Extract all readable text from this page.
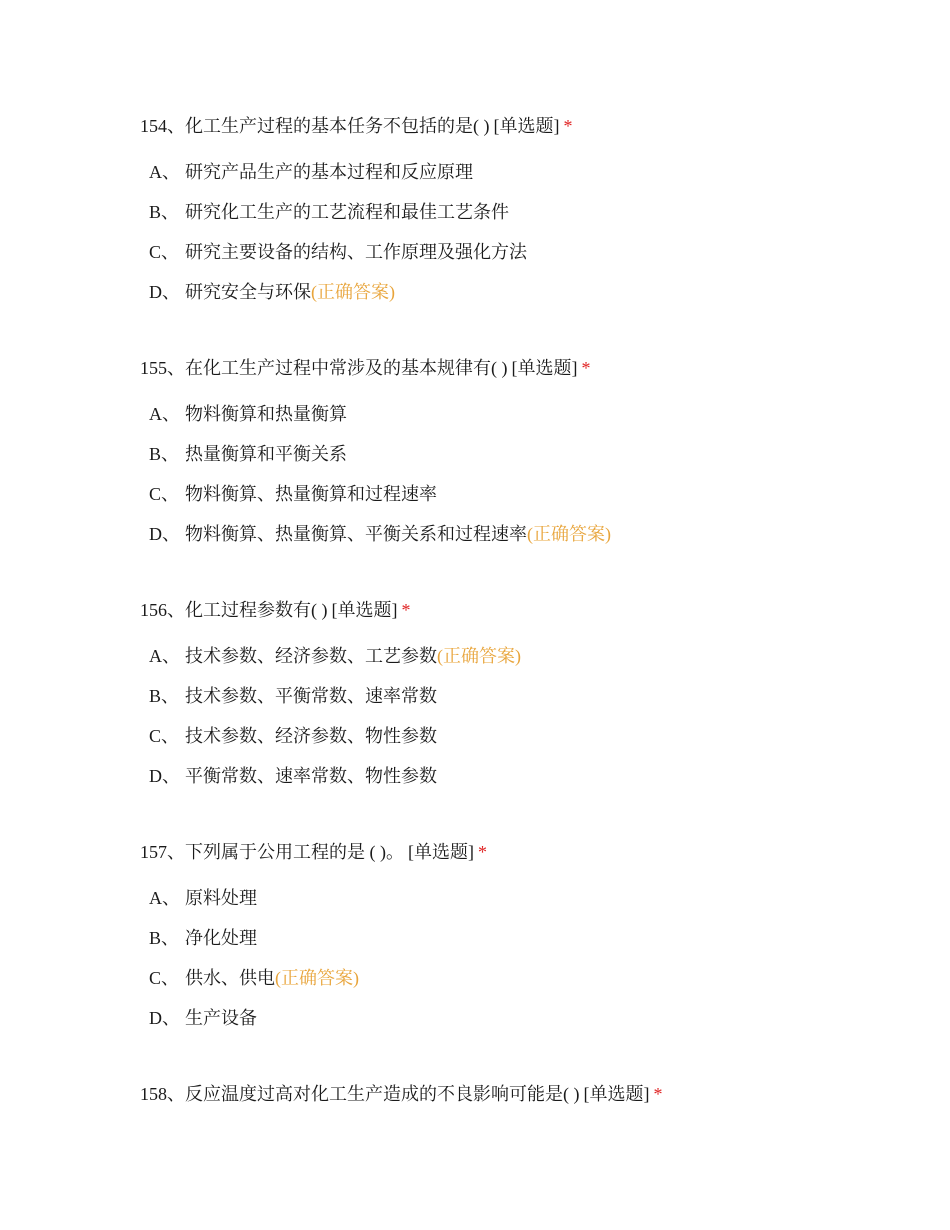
154、化工生产过程的基本任务不包括的是( ) [单选题] *
A、 研究产品生产的基本过程和反应原理
B、 研究化工生产的工艺流程和最佳工艺条件
C、 研究主要设备的结构、工作原理及强化方法
D、 研究安全与环保(正确答案)
155、在化工生产过程中常涉及的基本规律有( ) [单选题] *
A、 物料衡算和热量衡算
B、 热量衡算和平衡关系
C、 物料衡算、热量衡算和过程速率
D、 物料衡算、热量衡算、平衡关系和过程速率(正确答案)
156、化工过程参数有( ) [单选题] *
A、 技术参数、经济参数、工艺参数(正确答案)
B、 技术参数、平衡常数、速率常数
C、 技术参数、经济参数、物性参数
D、 平衡常数、速率常数、物性参数
157、下列属于公用工程的是 ( )。 [单选题] *
A、 原料处理
B、 净化处理
C、 供水、供电(正确答案)
D、 生产设备
158、反应温度过高对化工生产造成的不良影响可能是( ) [单选题] *
